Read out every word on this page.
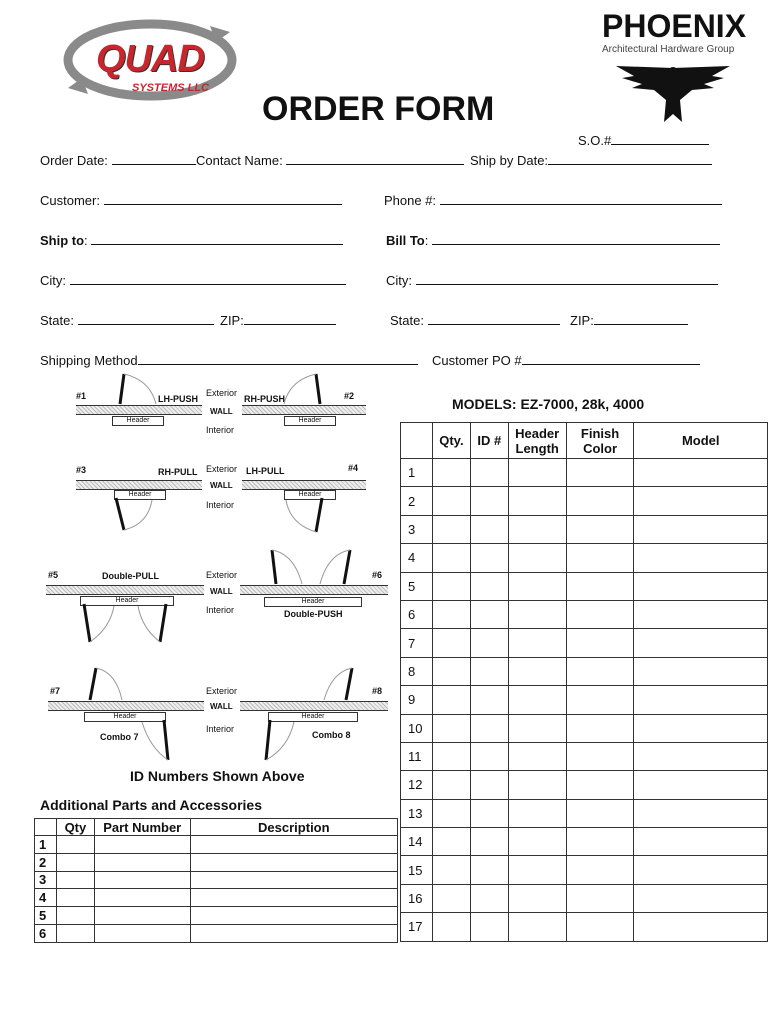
QUAD
SYSTEMS LLC
PHOENIX
Architectural Hardware Group
ORDER FORM
S.O.#
Order Date:	Contact Name:	Ship by Date:
Customer:	Phone #:
Ship to:	Bill To:
City:	City:
State:	ZIP:	State:	ZIP:
Shipping Method	Customer PO #
#1	LH-PUSH	RH-PUSH	#2
Exterior
Interior
WALL
Header	Header
#3	RH-PULL	LH-PULL	#4
Exterior
Interior
WALL
Header	Header
#5	Double-PULL	#6
Double-PUSH
Exterior
Interior
WALL
Header	Header
#7
Combo 7
#8
Combo 8
Exterior
Interior
WALL
Header	Header
ID Numbers Shown Above
MODELS: EZ-7000, 28k, 4000
	Qty.	ID #	Header Length	Finish Color	Model
1					
2					
3					
4					
5					
6					
7					
8					
9					
10					
11					
12					
13					
14					
15					
16					
17					
Additional Parts and Accessories
	Qty	Part Number	Description
1			
2			
3			
4			
5			
6			
